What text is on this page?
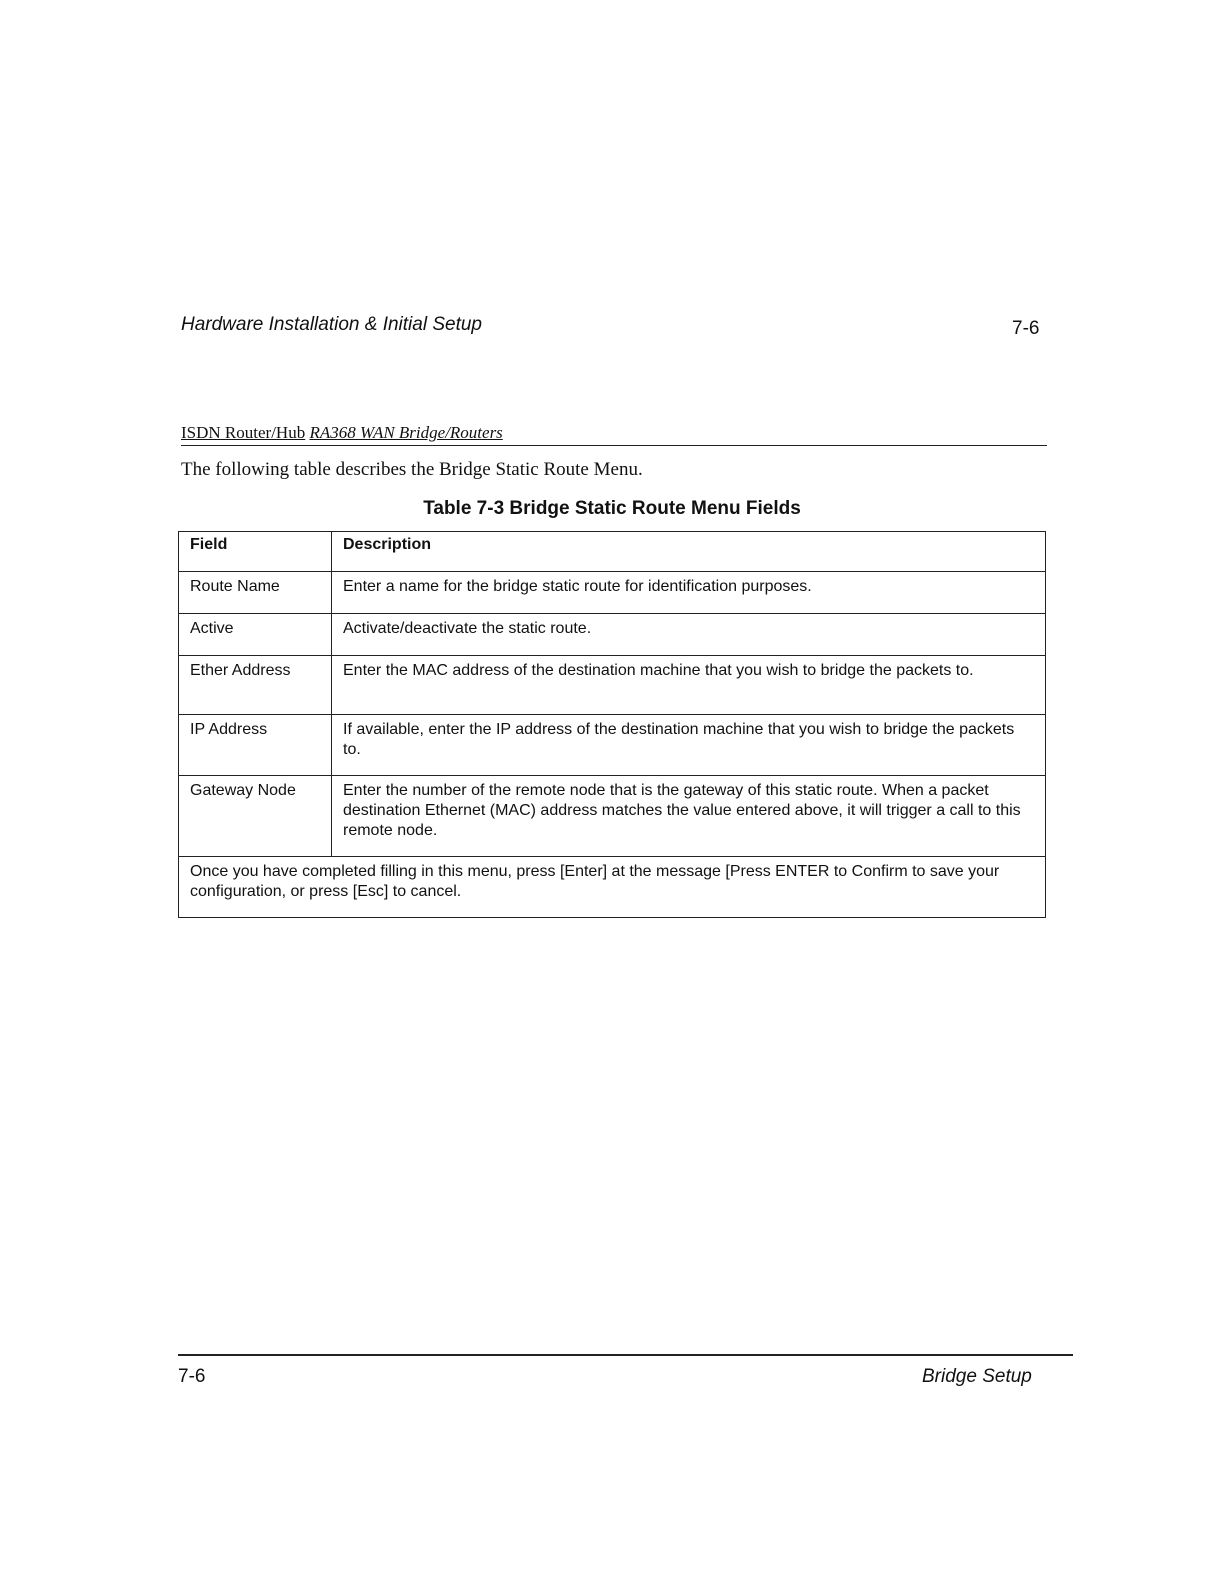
Hardware Installation & Initial Setup	7-6
ISDN Router/Hub RA368 WAN Bridge/Routers
The following table describes the Bridge Static Route Menu.
Table 7-3 Bridge Static Route Menu Fields
Field	Description
Route Name	Enter a name for the bridge static route for identification purposes.
Active	Activate/deactivate the static route.
Ether Address	Enter the MAC address of the destination machine that you wish to bridge the packets to.
IP Address	If available, enter the IP address of the destination machine that you wish to bridge the packets to.
Gateway Node	Enter the number of the remote node that is the gateway of this static route. When a packet destination Ethernet (MAC) address matches the value entered above, it will trigger a call to this remote node.
Once you have completed filling in this menu, press [Enter] at the message [Press ENTER to Confirm to save your configuration, or press [Esc] to cancel.	
7-6	Bridge Setup
